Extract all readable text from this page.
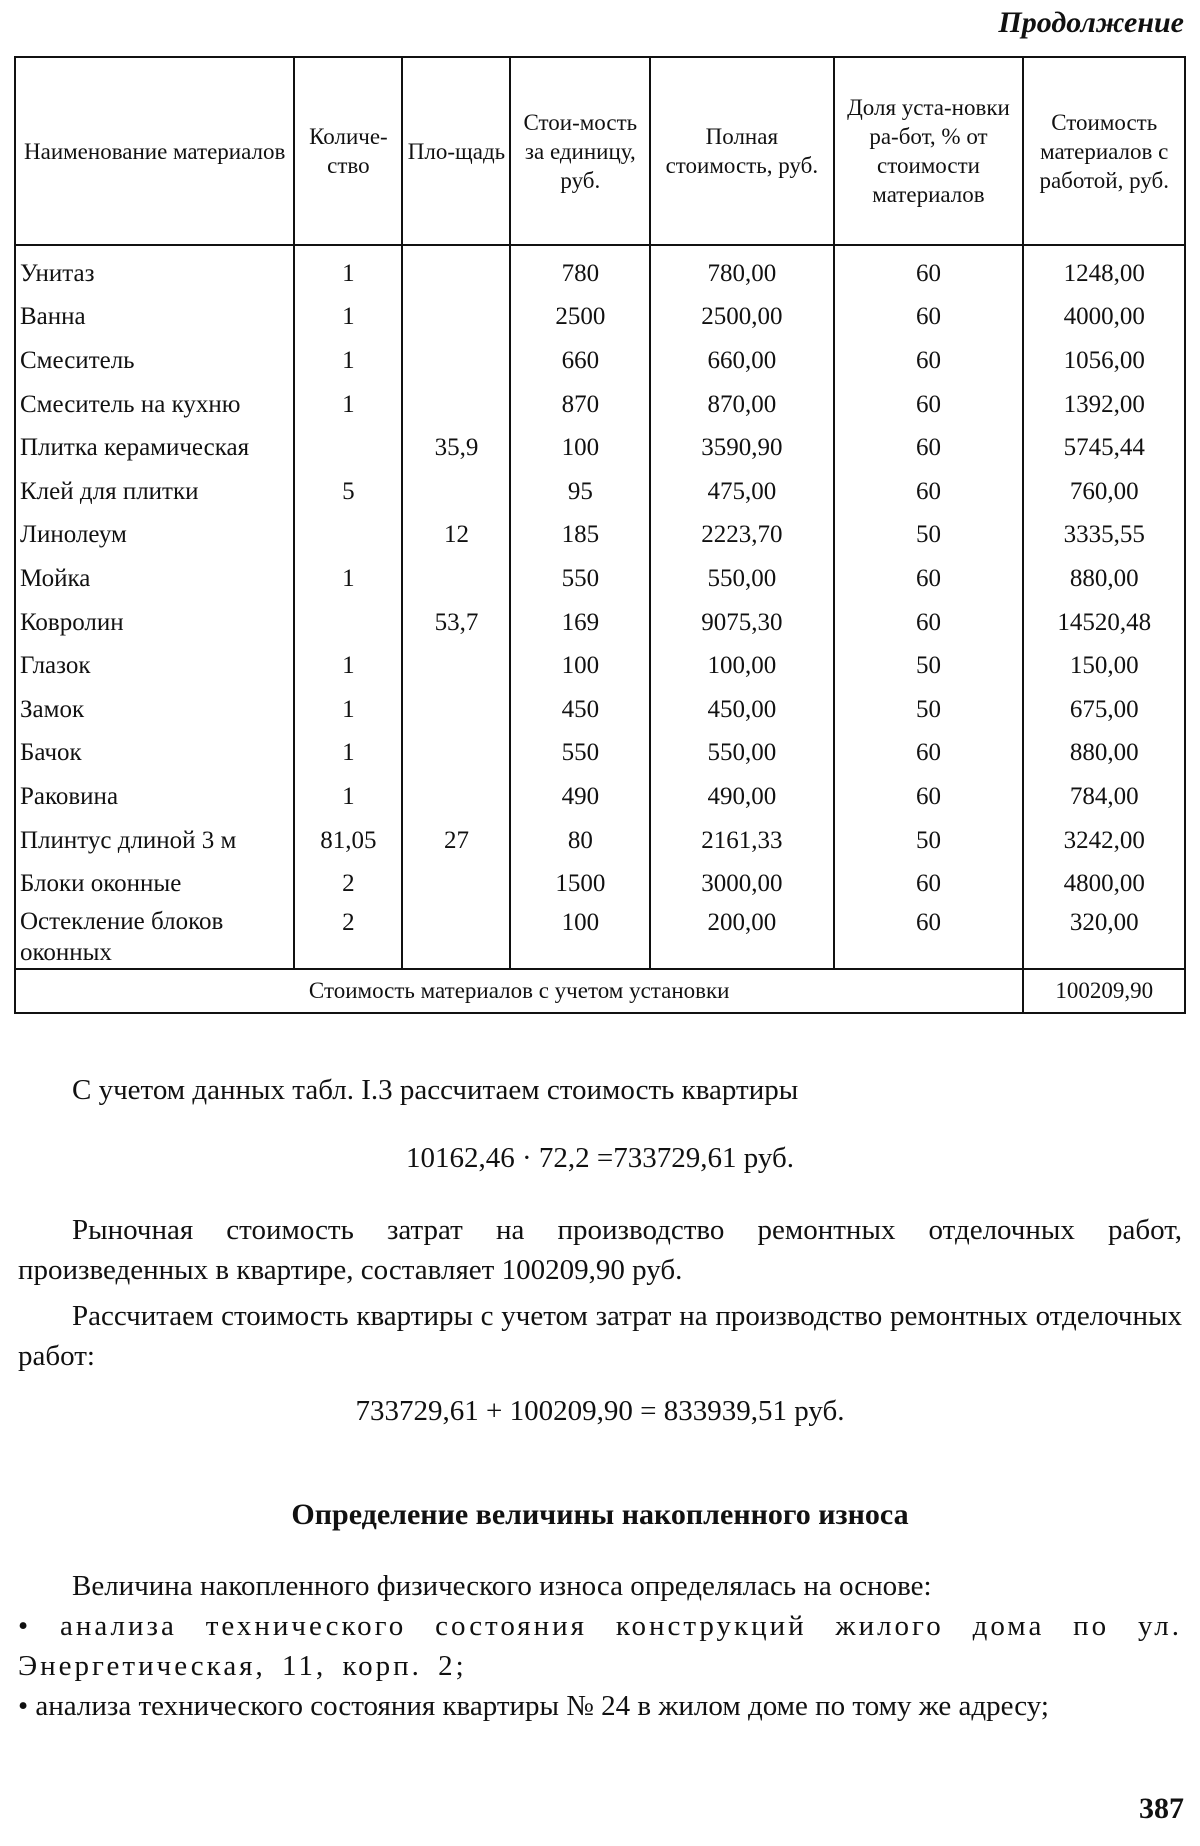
Продолжение
Наименование материалов	Количе-ство	Пло-щадь	Стои-мость за единицу, руб.	Полная стоимость, руб.	Доля уста-новки ра-бот, % от стоимости материалов	Стоимость материалов с работой, руб.
Унитаз	1		780	780,00	60	1248,00
Ванна	1		2500	2500,00	60	4000,00
Смеситель	1		660	660,00	60	1056,00
Смеситель на кухню	1		870	870,00	60	1392,00
Плитка керамическая		35,9	100	3590,90	60	5745,44
Клей для плитки	5		95	475,00	60	760,00
Линолеум		12	185	2223,70	50	3335,55
Мойка	1		550	550,00	60	880,00
Ковролин		53,7	169	9075,30	60	14520,48
Глазок	1		100	100,00	50	150,00
Замок	1		450	450,00	50	675,00
Бачок	1		550	550,00	60	880,00
Раковина	1		490	490,00	60	784,00
Плинтус длиной 3 м	81,05	27	80	2161,33	50	3242,00
Блоки оконные	2		1500	3000,00	60	4800,00
Остекление блоков оконных	2		100	200,00	60	320,00
Стоимость материалов с учетом установки						100209,90

С учетом данных табл. I.3 рассчитаем стоимость квартиры

10162,46 · 72,2 =733729,61 руб.

Рыночная стоимость затрат на производство ремонтных отделочных работ, произведенных в квартире, составляет 100209,90 руб.

Рассчитаем стоимость квартиры с учетом затрат на производство ремонтных отделочных работ:

733729,61 + 100209,90 = 833939,51 руб.
Определение величины накопленного износа

Величина накопленного физического износа определялась на основе:

• анализа технического состояния конструкций жилого дома по ул. Энергетическая, 11, корп. 2;

• анализа технического состояния квартиры № 24 в жилом доме по тому же адресу;

387
